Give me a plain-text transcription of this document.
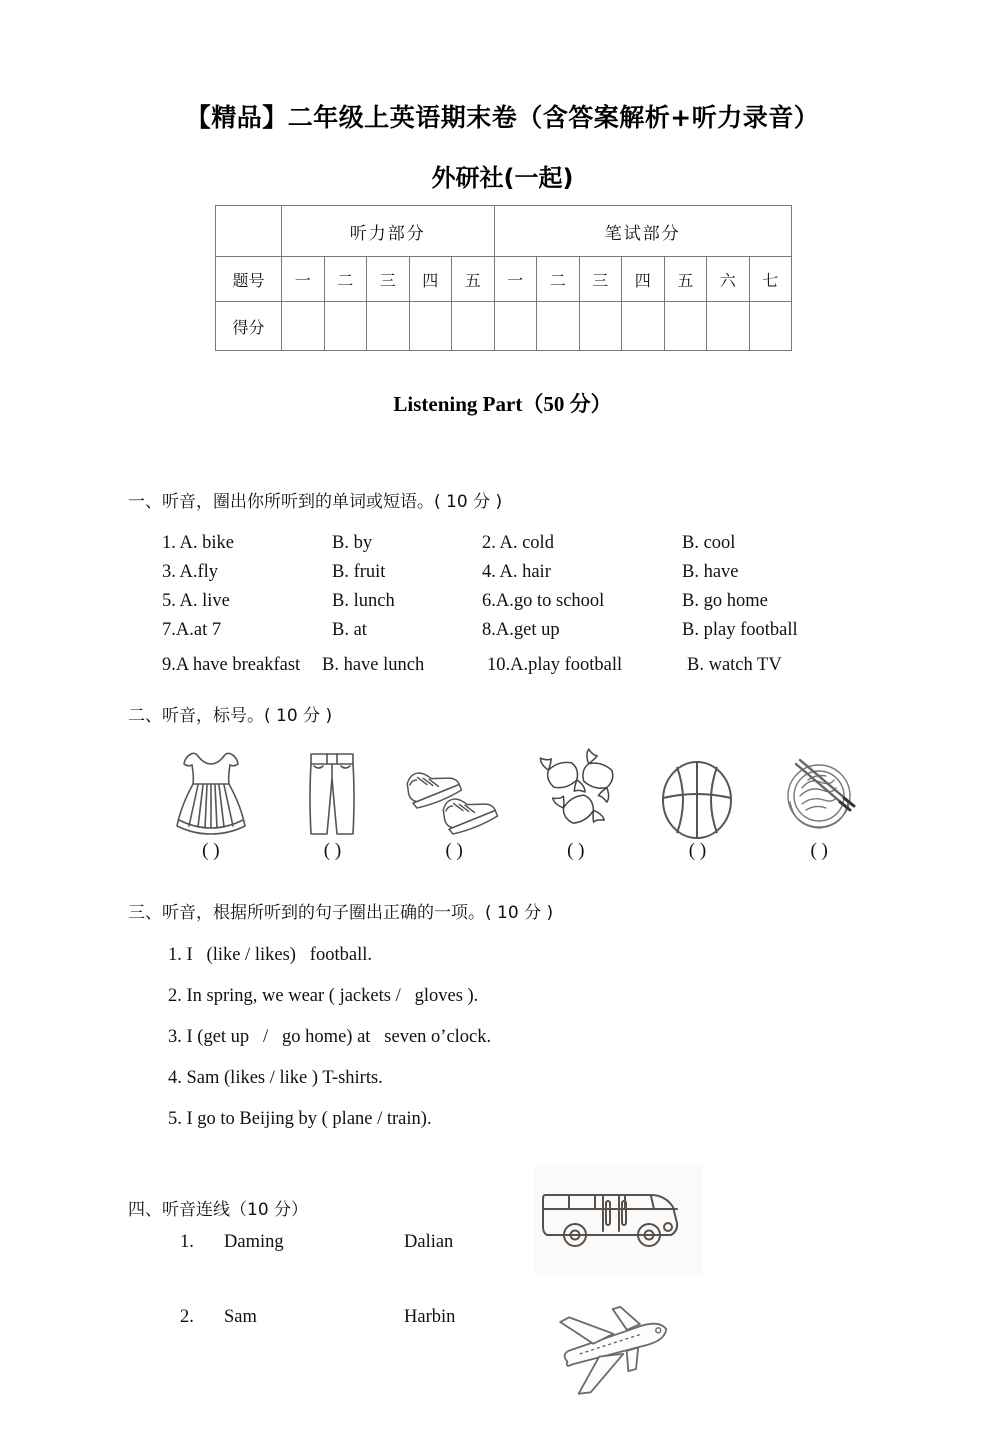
【精品】二年级上英语期末卷（含答案解析+听力录音）
外研社(一起)
	听力部分					笔试部分						
题号	一	二	三	四	五	一	二	三	四	五	六	七
得分												
Listening Part（50 分）
一、听音，圈出你所听到的单词或短语。( 10 分 )
1. A. bike	B. by	2. A. cold	B. cool
3. A.fly	B. fruit	4. A. hair	B. have
5. A. live	B. lunch	6.A.go to school	B. go home
7.A.at 7	B. at	8.A.get up	B. play football
9.A have breakfast	B. have lunch	10.A.play football	B. watch TV
二、听音，标号。( 10 分 )
( )	( )	( )	( )	( )	( )
三、听音，根据所听到的句子圈出正确的一项。( 10 分 )
1. I   (like / likes)   football.
2. In spring, we wear ( jackets /   gloves ).
3. I (get up   /   go home) at   seven o’clock.
4. Sam (likes / like ) T-shirts.
5. I go to Beijing by ( plane / train).
四、听音连线（10 分）
1.	Daming	Dalian
2.	Sam	Harbin
